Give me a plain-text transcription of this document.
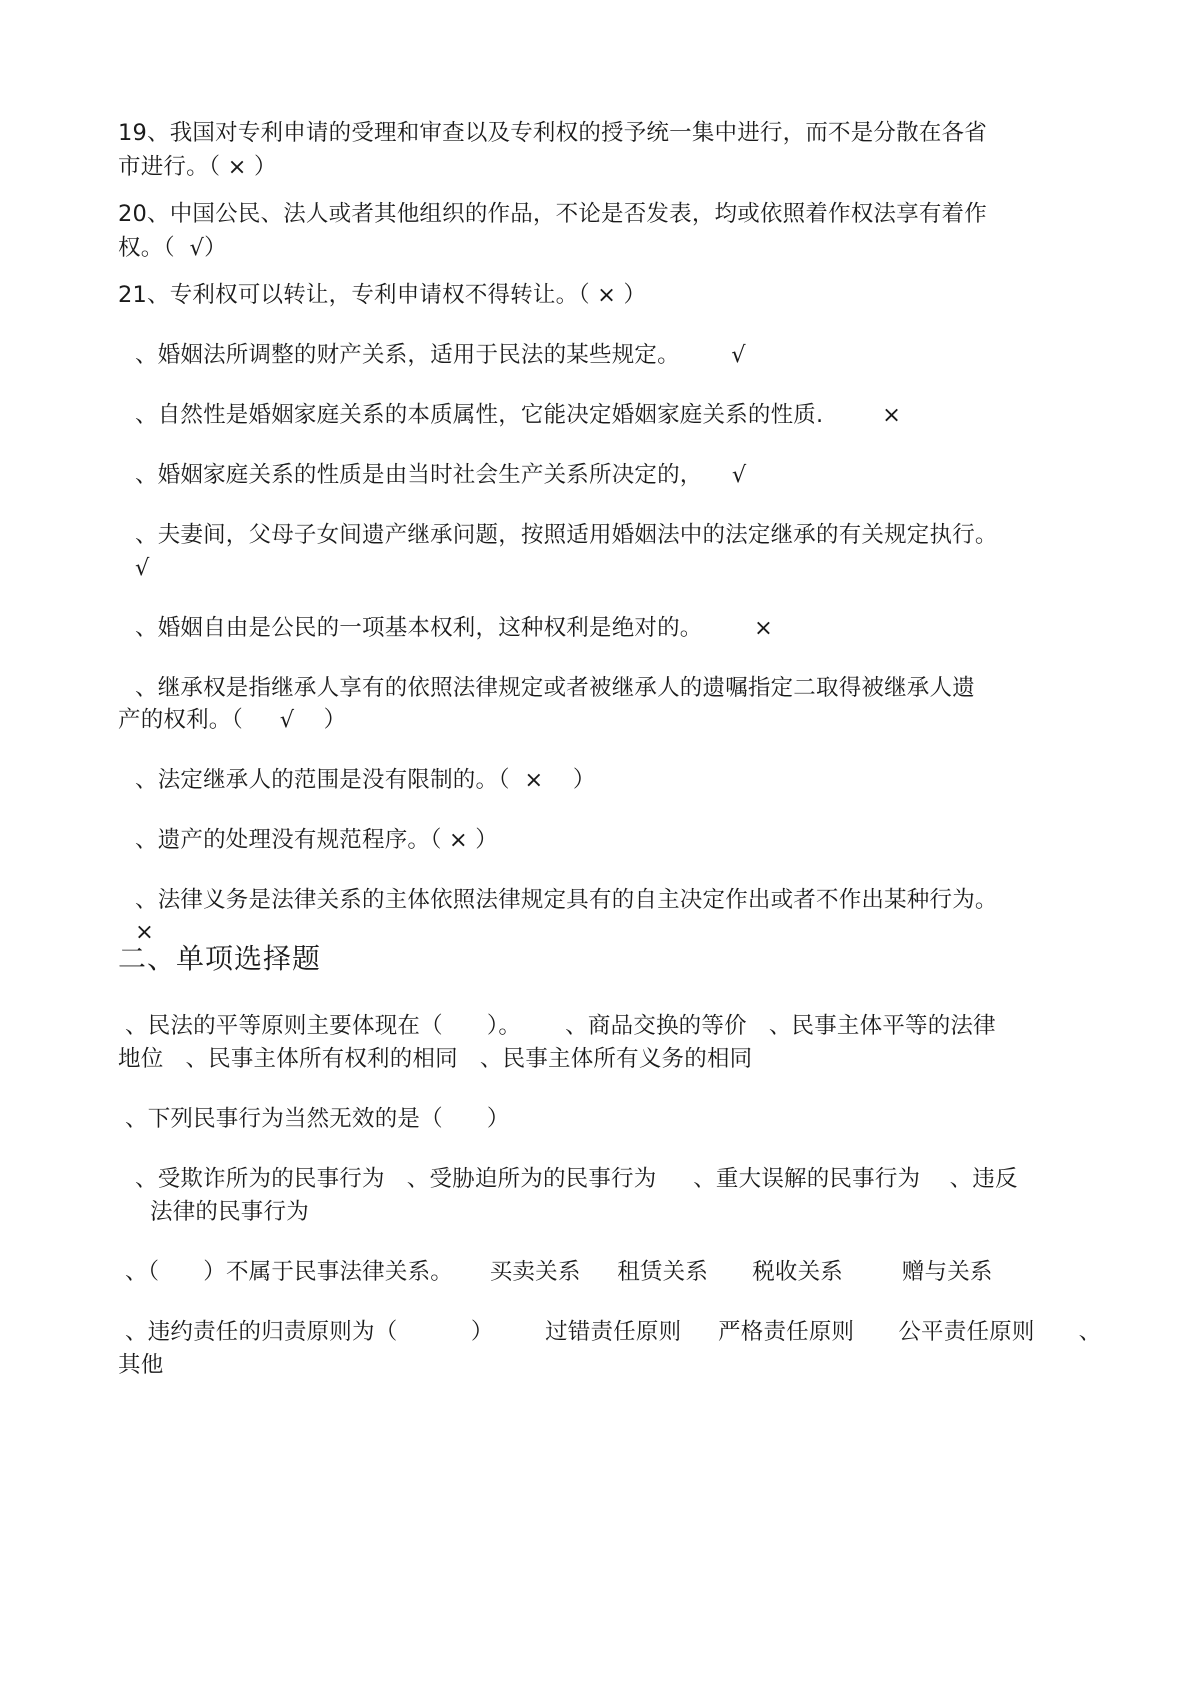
19、我国对专利申请的受理和审查以及专利权的授予统一集中进行，而不是分散在各省
市进行。（ × ）
20、中国公民、法人或者其他组织的作品，不论是否发表，均或依照着作权法享有着作
权。（  √）
21、专利权可以转让，专利申请权不得转让。（ × ）
、婚姻法所调整的财产关系，适用于民法的某些规定。       √
、自然性是婚姻家庭关系的本质属性，它能决定婚姻家庭关系的性质.        ×
、婚姻家庭关系的性质是由当时社会生产关系所决定的，    √
、夫妻间，父母子女间遗产继承问题，按照适用婚姻法中的法定继承的有关规定执行。
√
、婚姻自由是公民的一项基本权利，这种权利是绝对的。       ×
、继承权是指继承人享有的依照法律规定或者被继承人的遗嘱指定二取得被继承人遗
产的权利。（     √    ）
、法定继承人的范围是没有限制的。（  ×    ）
、遗产的处理没有规范程序。（ × ）
、法律义务是法律关系的主体依照法律规定具有的自主决定作出或者不作出某种行为。
×
二、单项选择题
、民法的平等原则主要体现在（      ）。      、商品交换的等价   、民事主体平等的法律
地位   、民事主体所有权利的相同   、民事主体所有义务的相同
、下列民事行为当然无效的是（      ）
、受欺诈所为的民事行为   、受胁迫所为的民事行为     、重大误解的民事行为    、违反
法律的民事行为
、（      ）不属于民事法律关系。     买卖关系     租赁关系      税收关系        赠与关系
、违约责任的归责原则为（          ）       过错责任原则     严格责任原则      公平责任原则      、
其他
